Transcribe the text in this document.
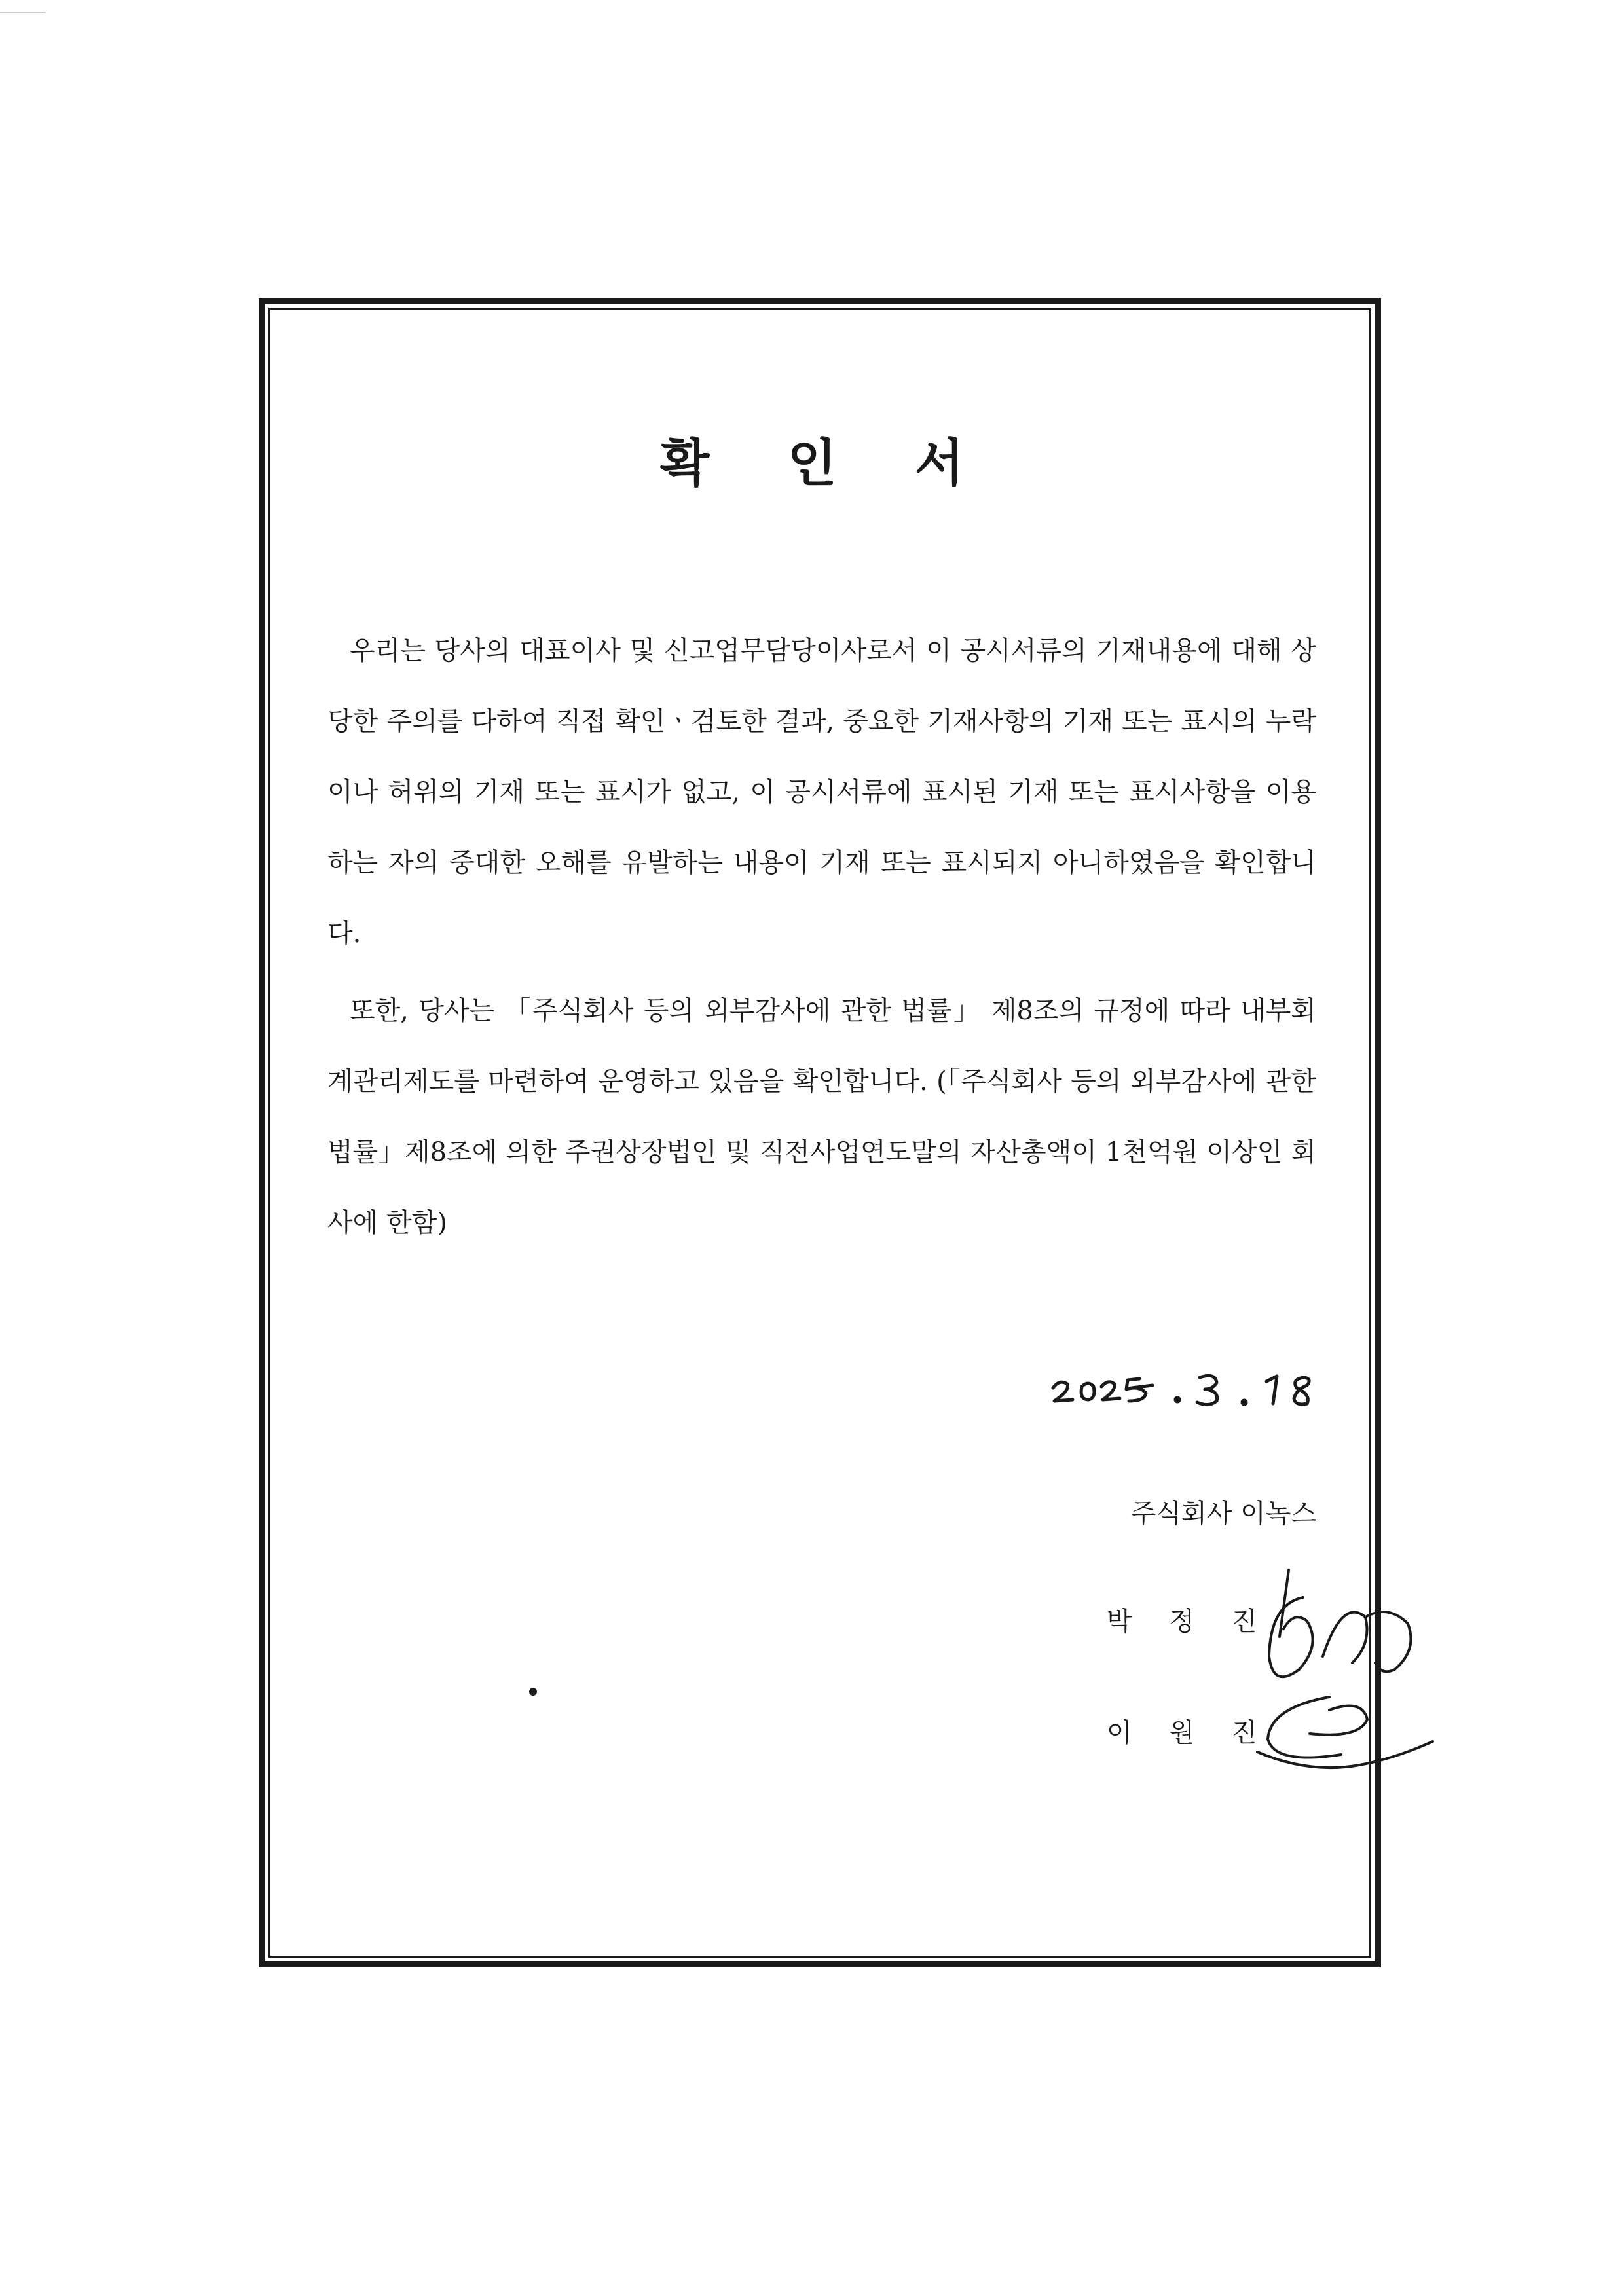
확 인 서

우리는 당사의 대표이사 및 신고업무담당이사로서 이 공시서류의 기재내용에 대해 상당한 주의를 다하여 직접 확인ㆍ검토한 결과, 중요한 기재사항의 기재 또는 표시의 누락이나 허위의 기재 또는 표시가 없고, 이 공시서류에 표시된 기재 또는 표시사항을 이용하는 자의 중대한 오해를 유발하는 내용이 기재 또는 표시되지 아니하였음을 확인합니다.

또한, 당사는 「주식회사 등의 외부감사에 관한 법률」 제8조의 규정에 따라 내부회계관리제도를 마련하여 운영하고 있음을 확인합니다. (「주식회사 등의 외부감사에 관한 법률」제8조에 의한 주권상장법인 및 직전사업연도말의 자산총액이 1천억원 이상인 회사에 한함)

주식회사 이녹스

박 정 진
이 원 진
